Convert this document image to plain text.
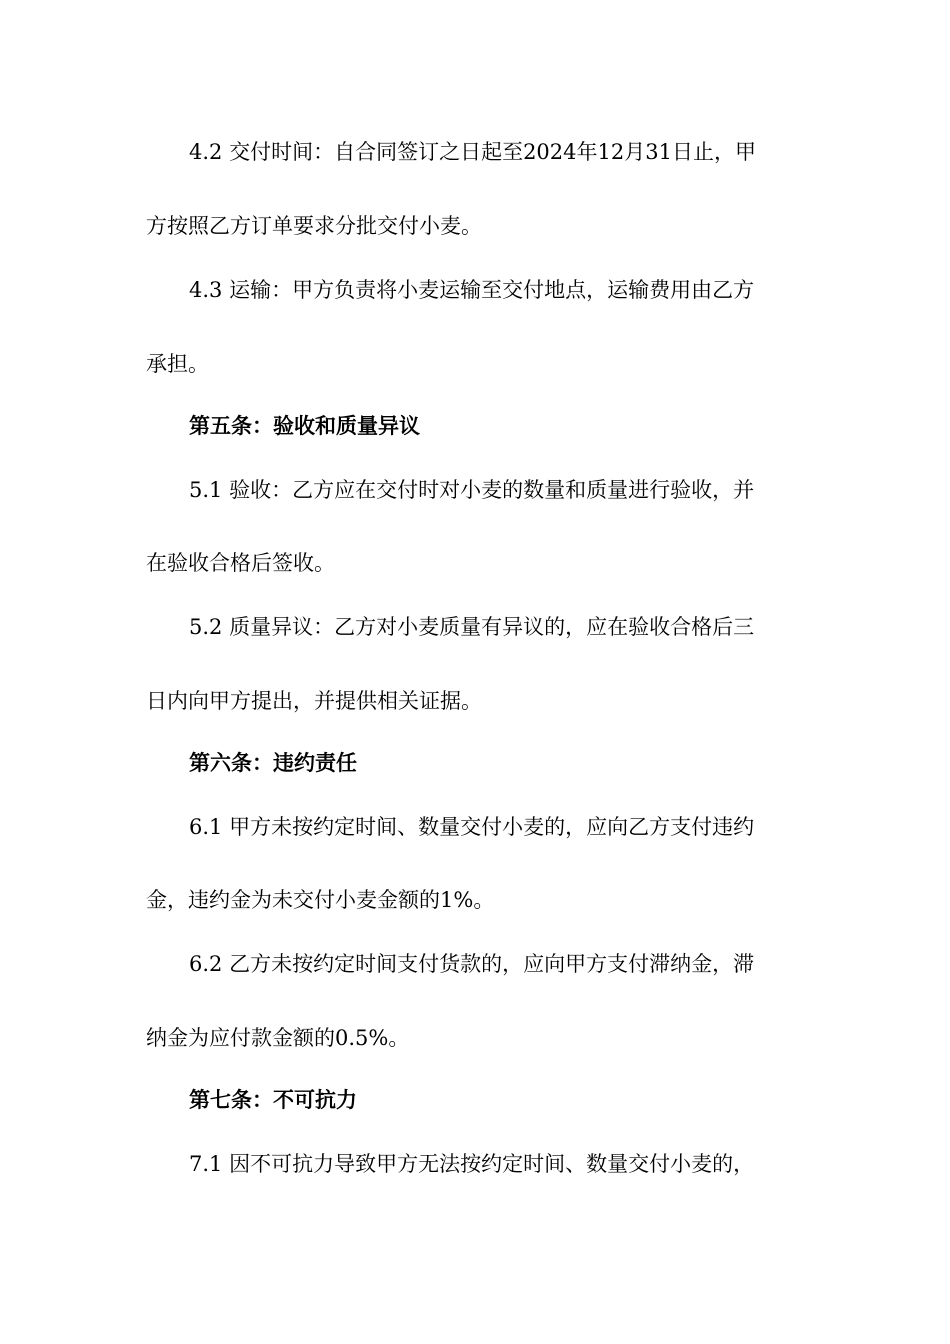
4.2 交付时间：自合同签订之日起至2024年12月31日止，甲
方按照乙方订单要求分批交付小麦。
4.3 运输：甲方负责将小麦运输至交付地点，运输费用由乙方
承担。
第五条：验收和质量异议
5.1 验收：乙方应在交付时对小麦的数量和质量进行验收，并
在验收合格后签收。
5.2 质量异议：乙方对小麦质量有异议的，应在验收合格后三
日内向甲方提出，并提供相关证据。
第六条：违约责任
6.1 甲方未按约定时间、数量交付小麦的，应向乙方支付违约
金，违约金为未交付小麦金额的1%。
6.2 乙方未按约定时间支付货款的，应向甲方支付滞纳金，滞
纳金为应付款金额的0.5%。
第七条：不可抗力
7.1 因不可抗力导致甲方无法按约定时间、数量交付小麦的，
